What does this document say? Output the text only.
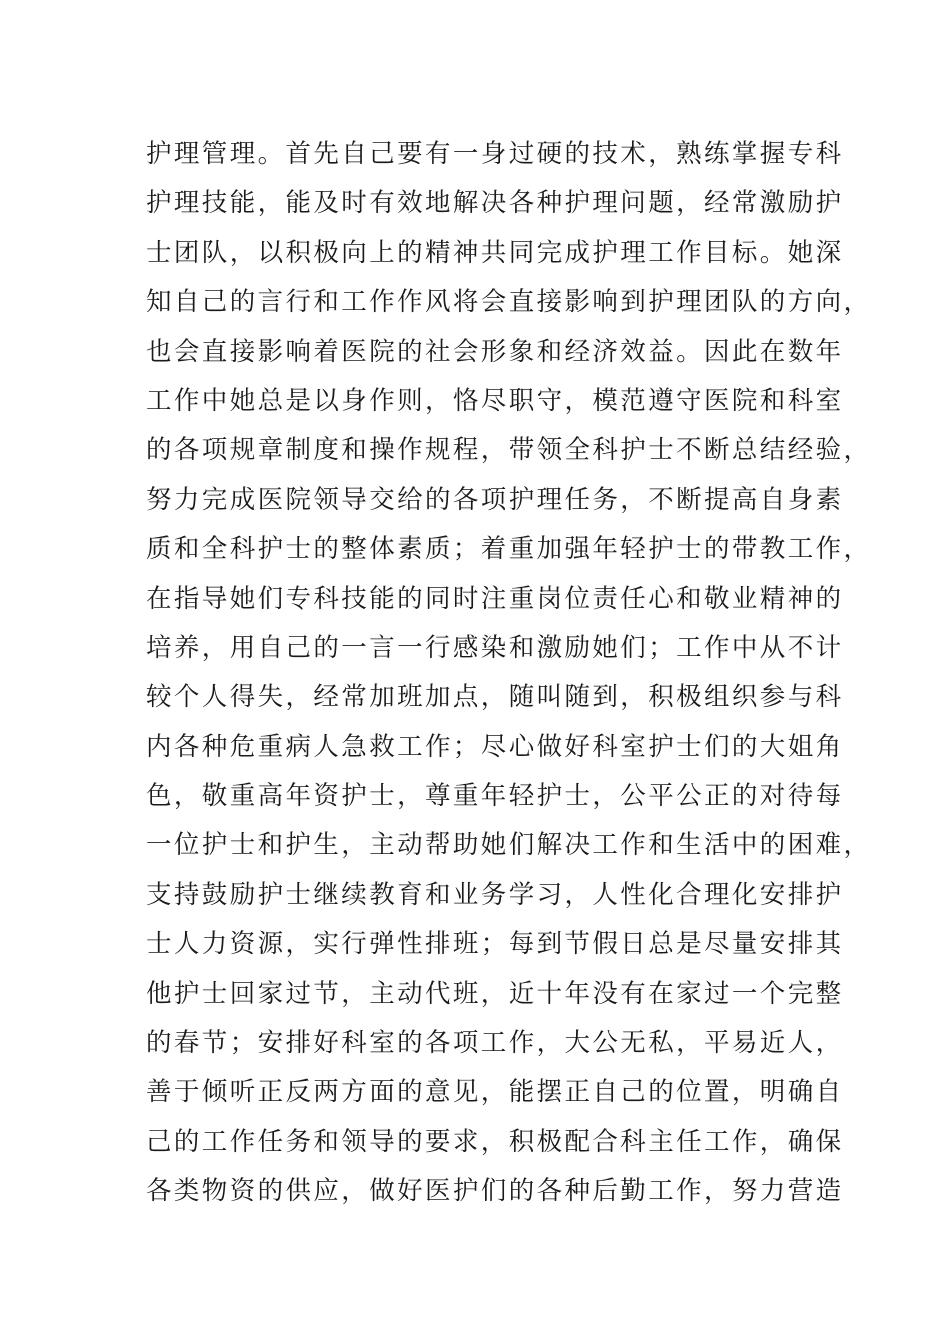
护理管理。首先自己要有一身过硬的技术，熟练掌握专科
护理技能，能及时有效地解决各种护理问题，经常激励护
士团队，以积极向上的精神共同完成护理工作目标。她深
知自己的言行和工作作风将会直接影响到护理团队的方向，
也会直接影响着医院的社会形象和经济效益。因此在数年
工作中她总是以身作则，恪尽职守，模范遵守医院和科室
的各项规章制度和操作规程，带领全科护士不断总结经验，
努力完成医院领导交给的各项护理任务，不断提高自身素
质和全科护士的整体素质；着重加强年轻护士的带教工作，
在指导她们专科技能的同时注重岗位责任心和敬业精神的
培养，用自己的一言一行感染和激励她们；工作中从不计
较个人得失，经常加班加点，随叫随到，积极组织参与科
内各种危重病人急救工作；尽心做好科室护士们的大姐角
色，敬重高年资护士，尊重年轻护士，公平公正的对待每
一位护士和护生，主动帮助她们解决工作和生活中的困难，
支持鼓励护士继续教育和业务学习，人性化合理化安排护
士人力资源，实行弹性排班；每到节假日总是尽量安排其
他护士回家过节，主动代班，近十年没有在家过一个完整
的春节；安排好科室的各项工作，大公无私，平易近人，
善于倾听正反两方面的意见，能摆正自己的位置，明确自
己的工作任务和领导的要求，积极配合科主任工作，确保
各类物资的供应，做好医护们的各种后勤工作，努力营造
